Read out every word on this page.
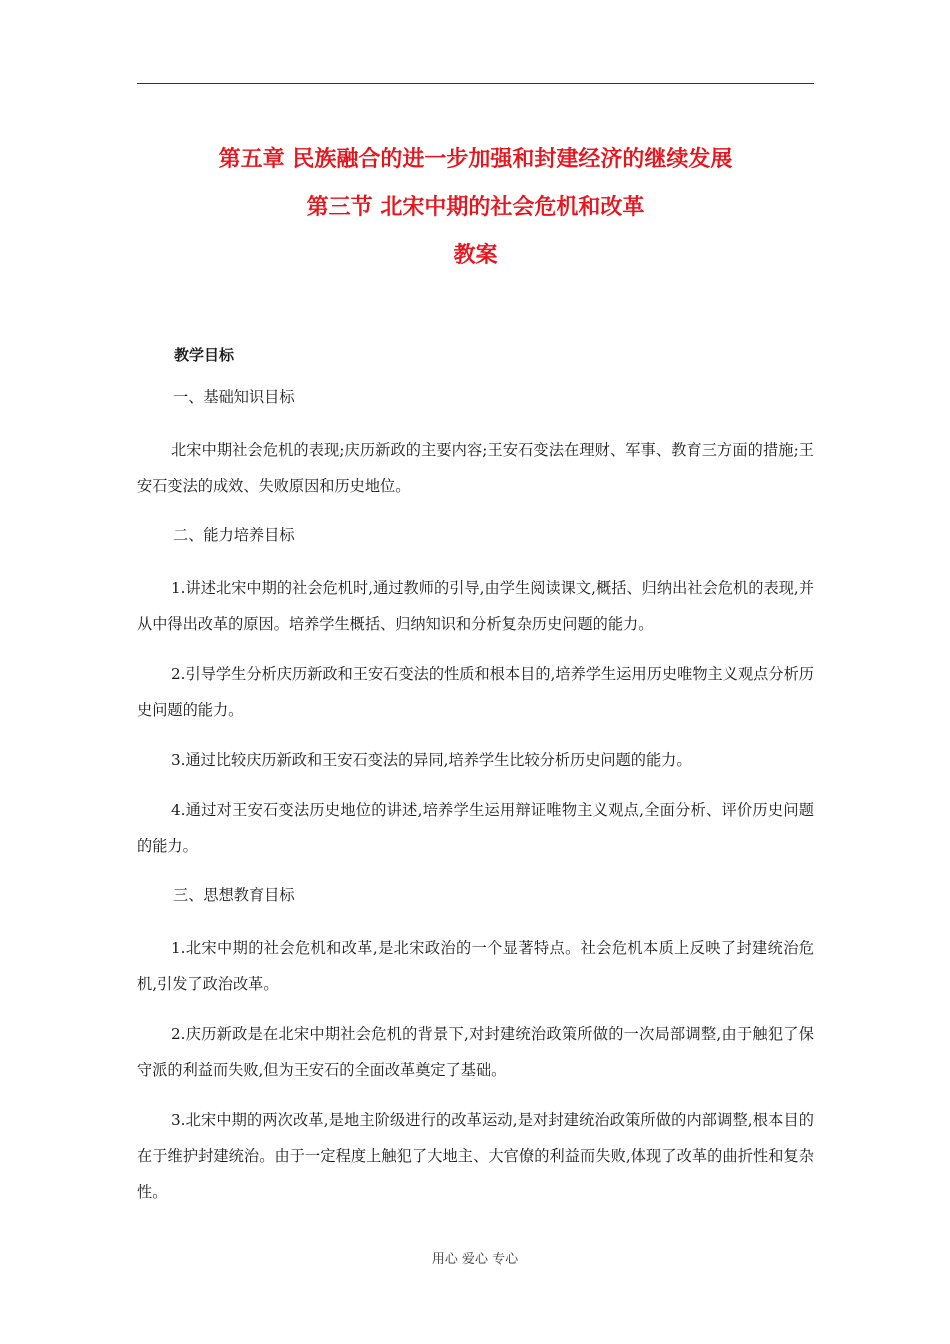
第五章 民族融合的进一步加强和封建经济的继续发展
第三节 北宋中期的社会危机和改革
教案
教学目标

一、基础知识目标

北宋中期社会危机的表现;庆历新政的主要内容;王安石变法在理财、军事、教育三方面的措施;王安石变法的成效、失败原因和历史地位。

二、能力培养目标

1.讲述北宋中期的社会危机时,通过教师的引导,由学生阅读课文,概括、归纳出社会危机的表现,并从中得出改革的原因。培养学生概括、归纳知识和分析复杂历史问题的能力。

2.引导学生分析庆历新政和王安石变法的性质和根本目的,培养学生运用历史唯物主义观点分析历史问题的能力。

3.通过比较庆历新政和王安石变法的异同,培养学生比较分析历史问题的能力。

4.通过对王安石变法历史地位的讲述,培养学生运用辩证唯物主义观点,全面分析、评价历史问题的能力。

三、思想教育目标

1.北宋中期的社会危机和改革,是北宋政治的一个显著特点。社会危机本质上反映了封建统治危机,引发了政治改革。

2.庆历新政是在北宋中期社会危机的背景下,对封建统治政策所做的一次局部调整,由于触犯了保守派的利益而失败,但为王安石的全面改革奠定了基础。

3.北宋中期的两次改革,是地主阶级进行的改革运动,是对封建统治政策所做的内部调整,根本目的在于维护封建统治。由于一定程度上触犯了大地主、大官僚的利益而失败,体现了改革的曲折性和复杂性。

用心 爱心 专心
